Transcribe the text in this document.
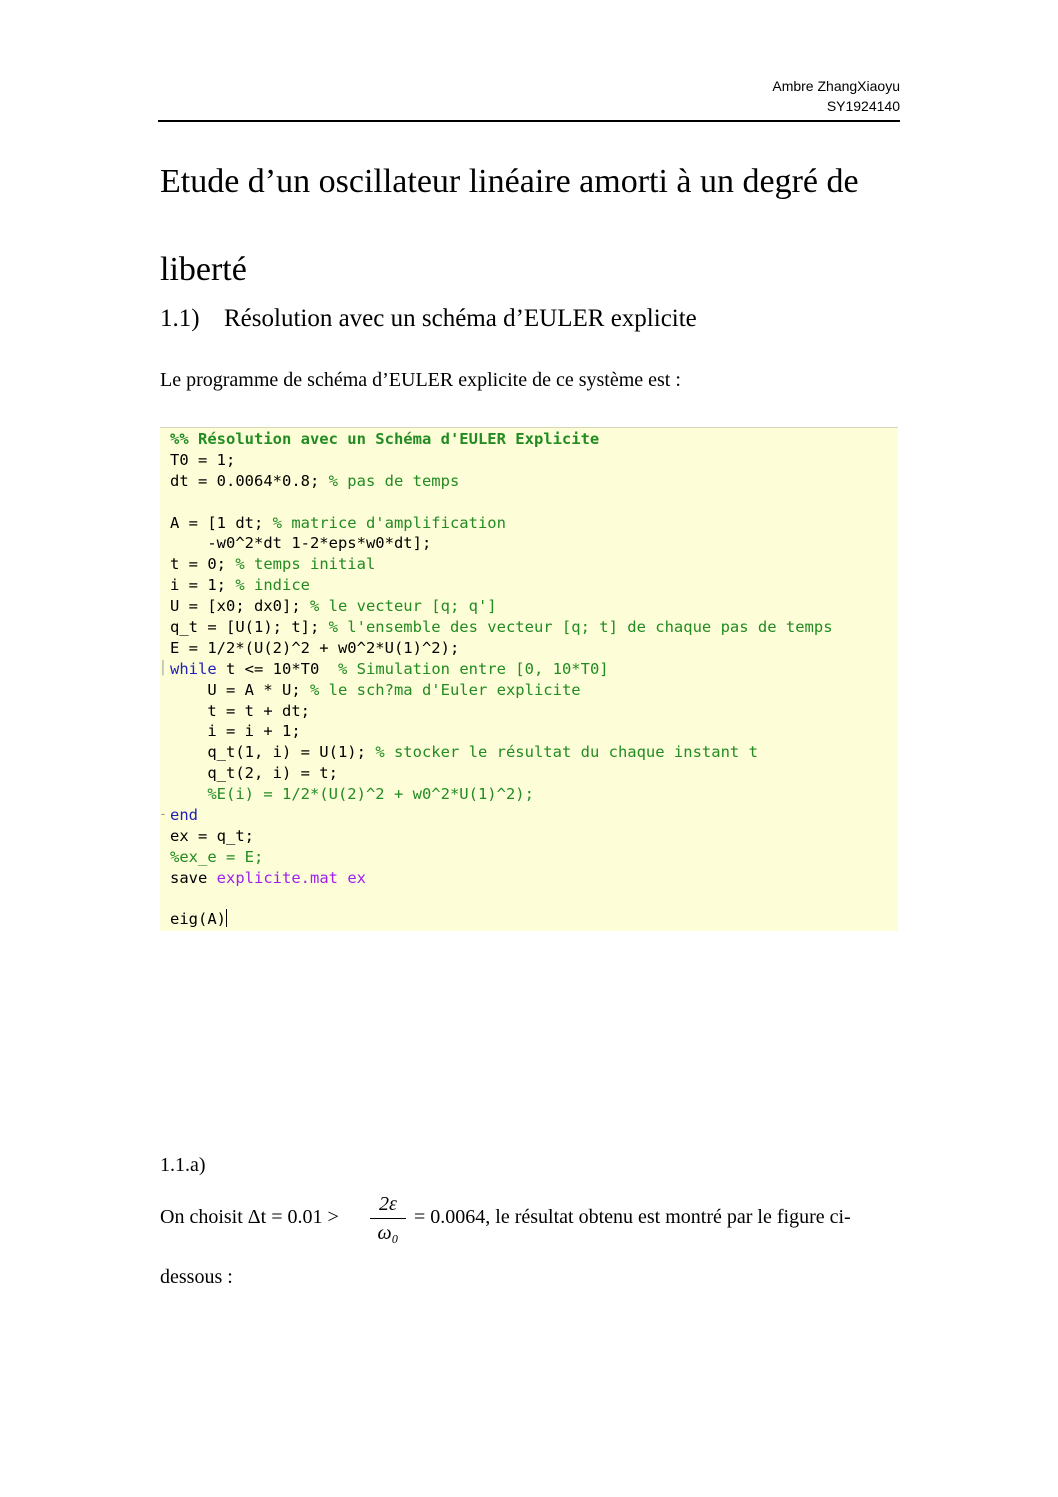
Ambre ZhangXiaoyu
SY1924140
Etude d’un oscillateur linéaire amorti à un degré de liberté
1.1) Résolution avec un schéma d’EULER explicite

Le programme de schéma d’EULER explicite de ce système est :

%% Résolution avec un Schéma d'EULER Explicite
T0 = 1;
dt = 0.0064*0.8; % pas de temps
A = [1 dt; % matrice d'amplification
-w0^2*dt 1-2*eps*w0*dt];
t = 0; % temps initial
i = 1; % indice
U = [x0; dx0]; % le vecteur [q; q']
q_t = [U(1); t]; % l'ensemble des vecteur [q; t] de chaque pas de temps
E = 1/2*(U(2)^2 + w0^2*U(1)^2);
while t <= 10*T0  % Simulation entre [0, 10*T0]
│
U = A * U; % le sch?ma d'Euler explicite
t = t + dt;
i = i + 1;
q_t(1, i) = U(1); % stocker le résultat du chaque instant t
q_t(2, i) = t;
%E(i) = 1/2*(U(2)^2 + w0^2*U(1)^2);
end
-
ex = q_t;
%ex_e = E;
save explicite.mat ex
eig(A)

1.1.a)

On choisit Δt = 0.01 >
2ε
ω₀
= 0.0064, le résultat obtenu est montré par le figure ci-
dessous :
